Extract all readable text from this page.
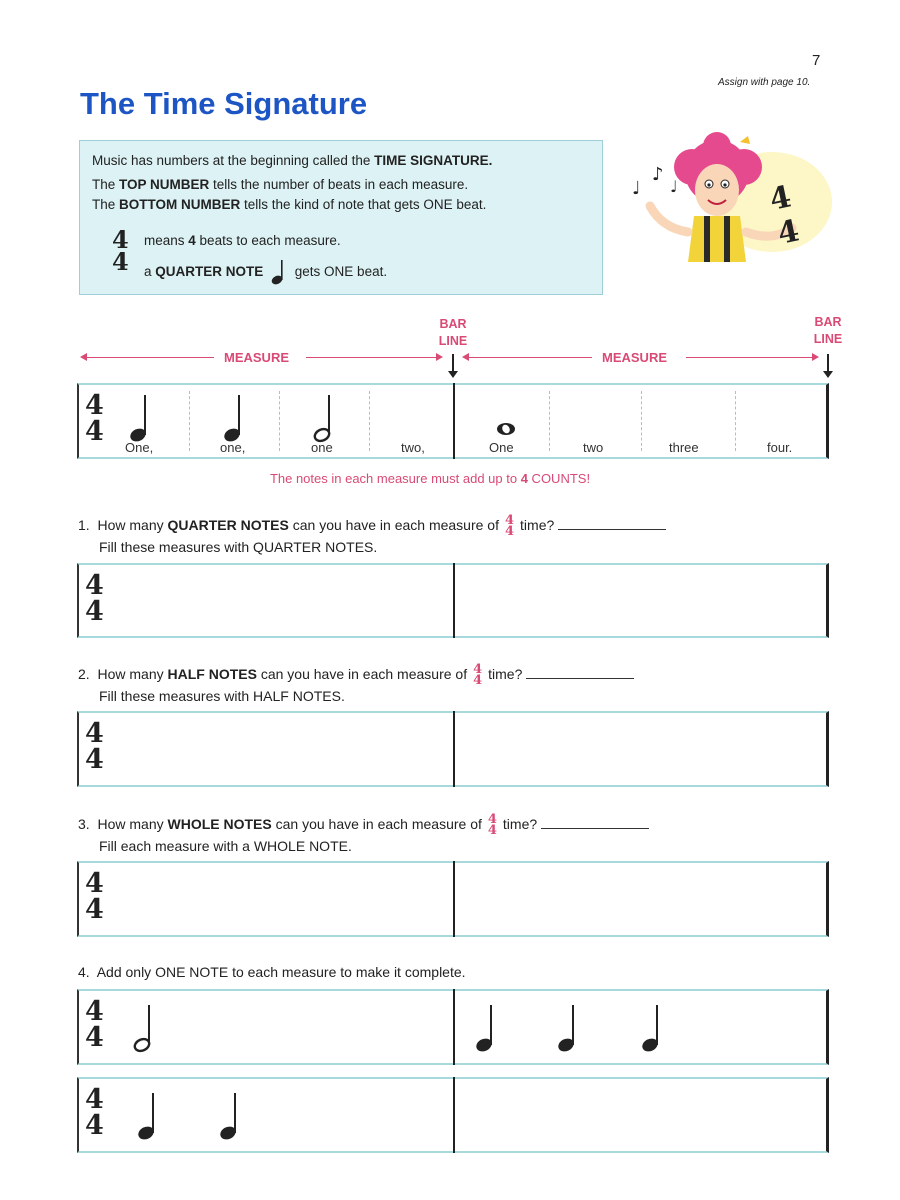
7
Assign with page 10.
The Time Signature
Music has numbers at the beginning called the TIME SIGNATURE.
The TOP NUMBER tells the number of beats in each measure.
The BOTTOM NUMBER tells the kind of note that gets ONE beat.
4
4
means 4 beats to each measure.
a QUARTER NOTE  gets ONE beat.
♩
♪
♩	4
4
BAR
LINE
BAR
LINE
MEASURE	MEASURE
4
4
One,	one,	one	two,	One	two	three	four.
The notes in each measure must add up to 4 COUNTS!
1. How many QUARTER NOTES can you have in each measure of 4
4 time?
Fill these measures with QUARTER NOTES.
4
4
2. How many HALF NOTES can you have in each measure of 4
4 time?
Fill these measures with HALF NOTES.
4
4
3. How many WHOLE NOTES can you have in each measure of 4
4 time?
Fill each measure with a WHOLE NOTE.
4
4
4. Add only ONE NOTE to each measure to make it complete.
4
4
4
4
